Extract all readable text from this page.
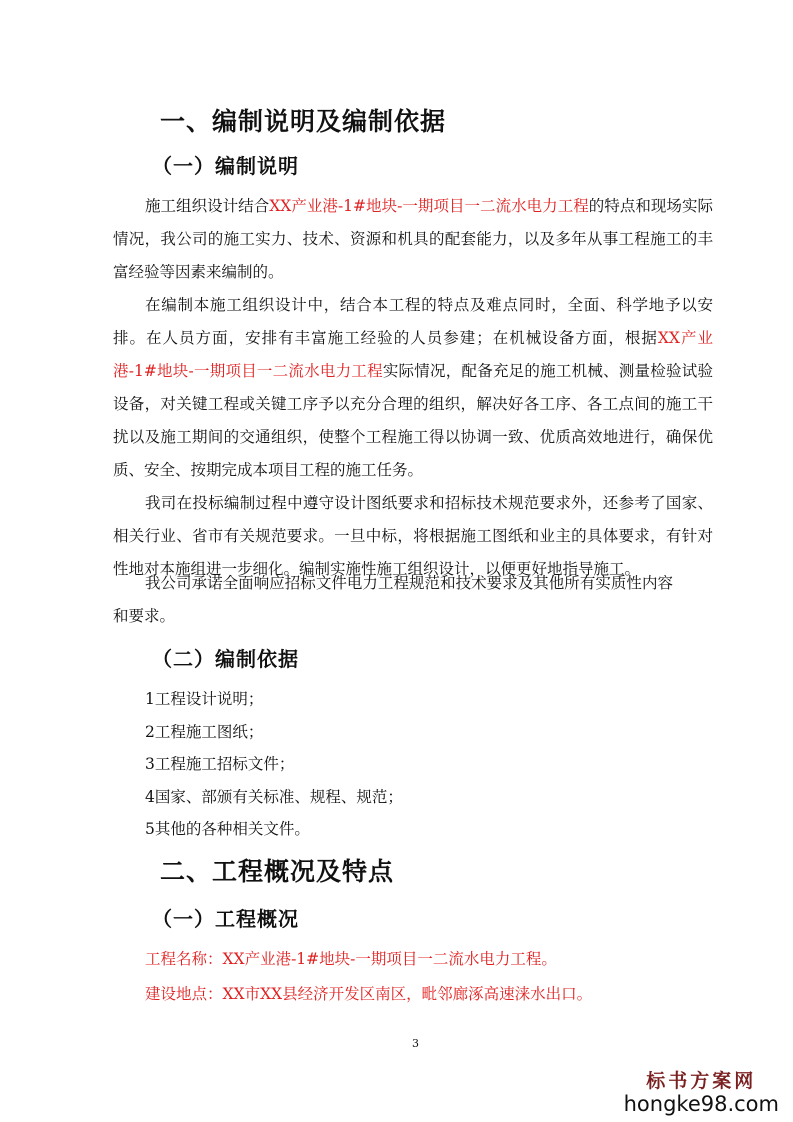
一、编制说明及编制依据
（一）编制说明

施工组织设计结合XX产业港-1#地块-一期项目一二流水电力工程的特点和现场实际情况，我公司的施工实力、技术、资源和机具的配套能力，以及多年从事工程施工的丰富经验等因素来编制的。

在编制本施工组织设计中，结合本工程的特点及难点同时，全面、科学地予以安排。在人员方面，安排有丰富施工经验的人员参建；在机械设备方面，根据XX产业港-1#地块-一期项目一二流水电力工程实际情况，配备充足的施工机械、测量检验试验设备，对关键工程或关键工序予以充分合理的组织，解决好各工序、各工点间的施工干扰以及施工期间的交通组织，使整个工程施工得以协调一致、优质高效地进行，确保优质、安全、按期完成本项目工程的施工任务。

我司在投标编制过程中遵守设计图纸要求和招标技术规范要求外，还参考了国家、相关行业、省市有关规范要求。一旦中标，将根据施工图纸和业主的具体要求，有针对性地对本施组进一步细化。编制实施性施工组织设计，以便更好地指导施工。

我公司承诺全面响应招标文件电力工程规范和技术要求及其他所有实质性内容和要求。

（二）编制依据
1工程设计说明；
2工程施工图纸；
3工程施工招标文件；
4国家、部颁有关标准、规程、规范；
5其他的各种相关文件。
二、工程概况及特点
（一）工程概况
工程名称：XX产业港-1#地块-一期项目一二流水电力工程。
建设地点：XX市XX县经济开发区南区，毗邻廊涿高速涞水出口。
3
标书方案网
hongke98.com
